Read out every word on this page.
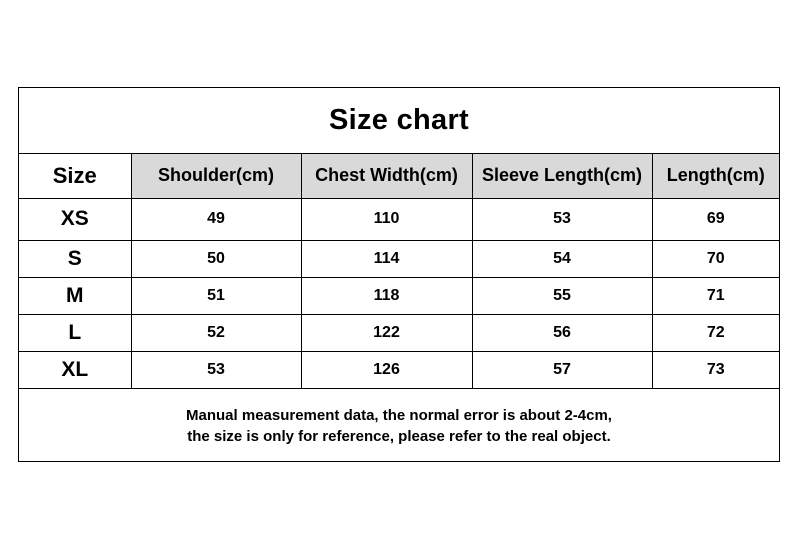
Size chart
Size	Shoulder(cm)	Chest Width(cm)	Sleeve Length(cm)	Length(cm)
XS	49	110	53	69
S	50	114	54	70
M	51	118	55	71
L	52	122	56	72
XL	53	126	57	73
Manual measurement data, the normal error is about 2-4cm,
the size is only for reference, please refer to the real object.
